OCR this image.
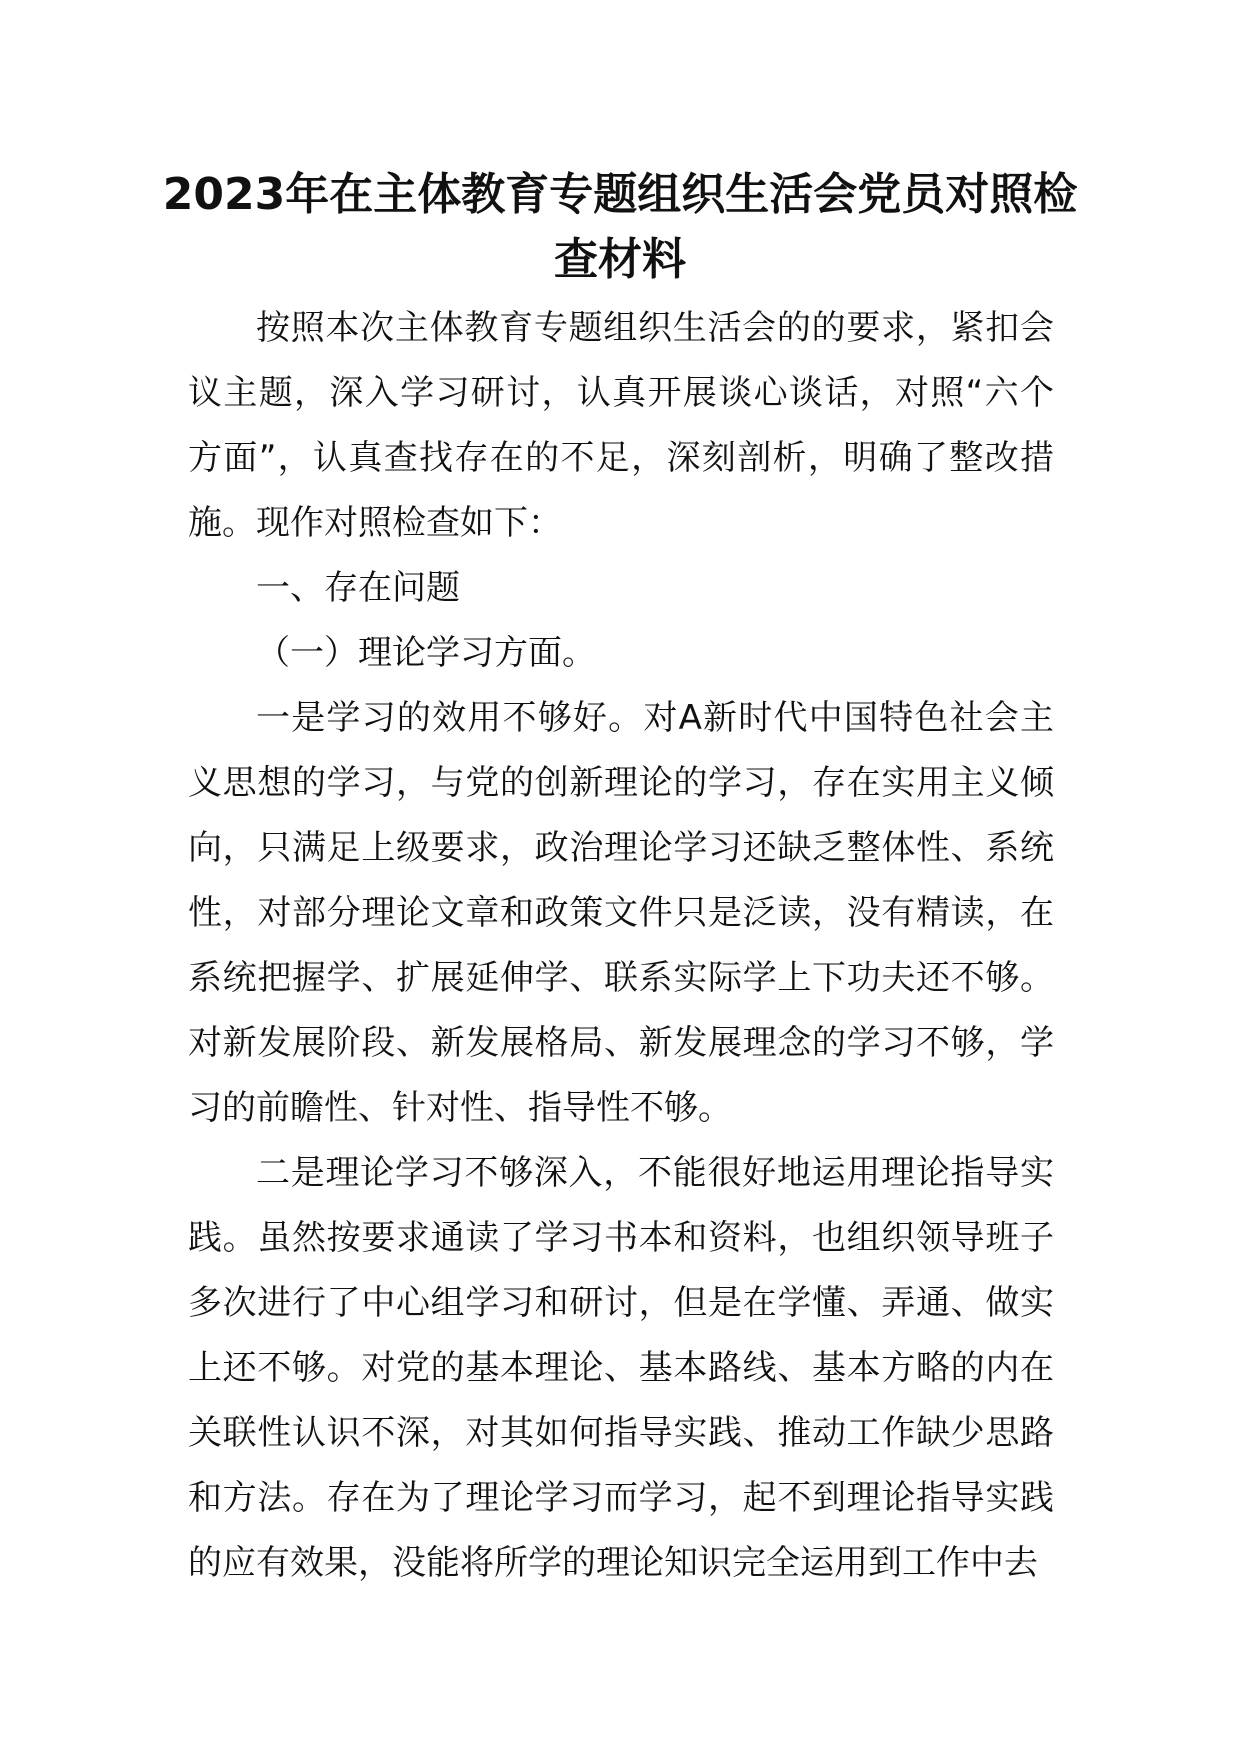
2023年在主体教育专题组织生活会党员对照检查材料

按照本次主体教育专题组织生活会的的要求，紧扣会议主题，深入学习研讨，认真开展谈心谈话，对照“六个方面”，认真查找存在的不足，深刻剖析，明确了整改措施。现作对照检查如下：

一、存在问题

（一）理论学习方面。

一是学习的效用不够好。对A新时代中国特色社会主义思想的学习，与党的创新理论的学习，存在实用主义倾向，只满足上级要求，政治理论学习还缺乏整体性、系统性，对部分理论文章和政策文件只是泛读，没有精读，在系统把握学、扩展延伸学、联系实际学上下功夫还不够。对新发展阶段、新发展格局、新发展理念的学习不够，学习的前瞻性、针对性、指导性不够。

二是理论学习不够深入，不能很好地运用理论指导实践。虽然按要求通读了学习书本和资料，也组织领导班子多次进行了中心组学习和研讨，但是在学懂、弄通、做实上还不够。对党的基本理论、基本路线、基本方略的内在关联性认识不深，对其如何指导实践、推动工作缺少思路和方法。存在为了理论学习而学习，起不到理论指导实践的应有效果，没能将所学的理论知识完全运用到工作中去
